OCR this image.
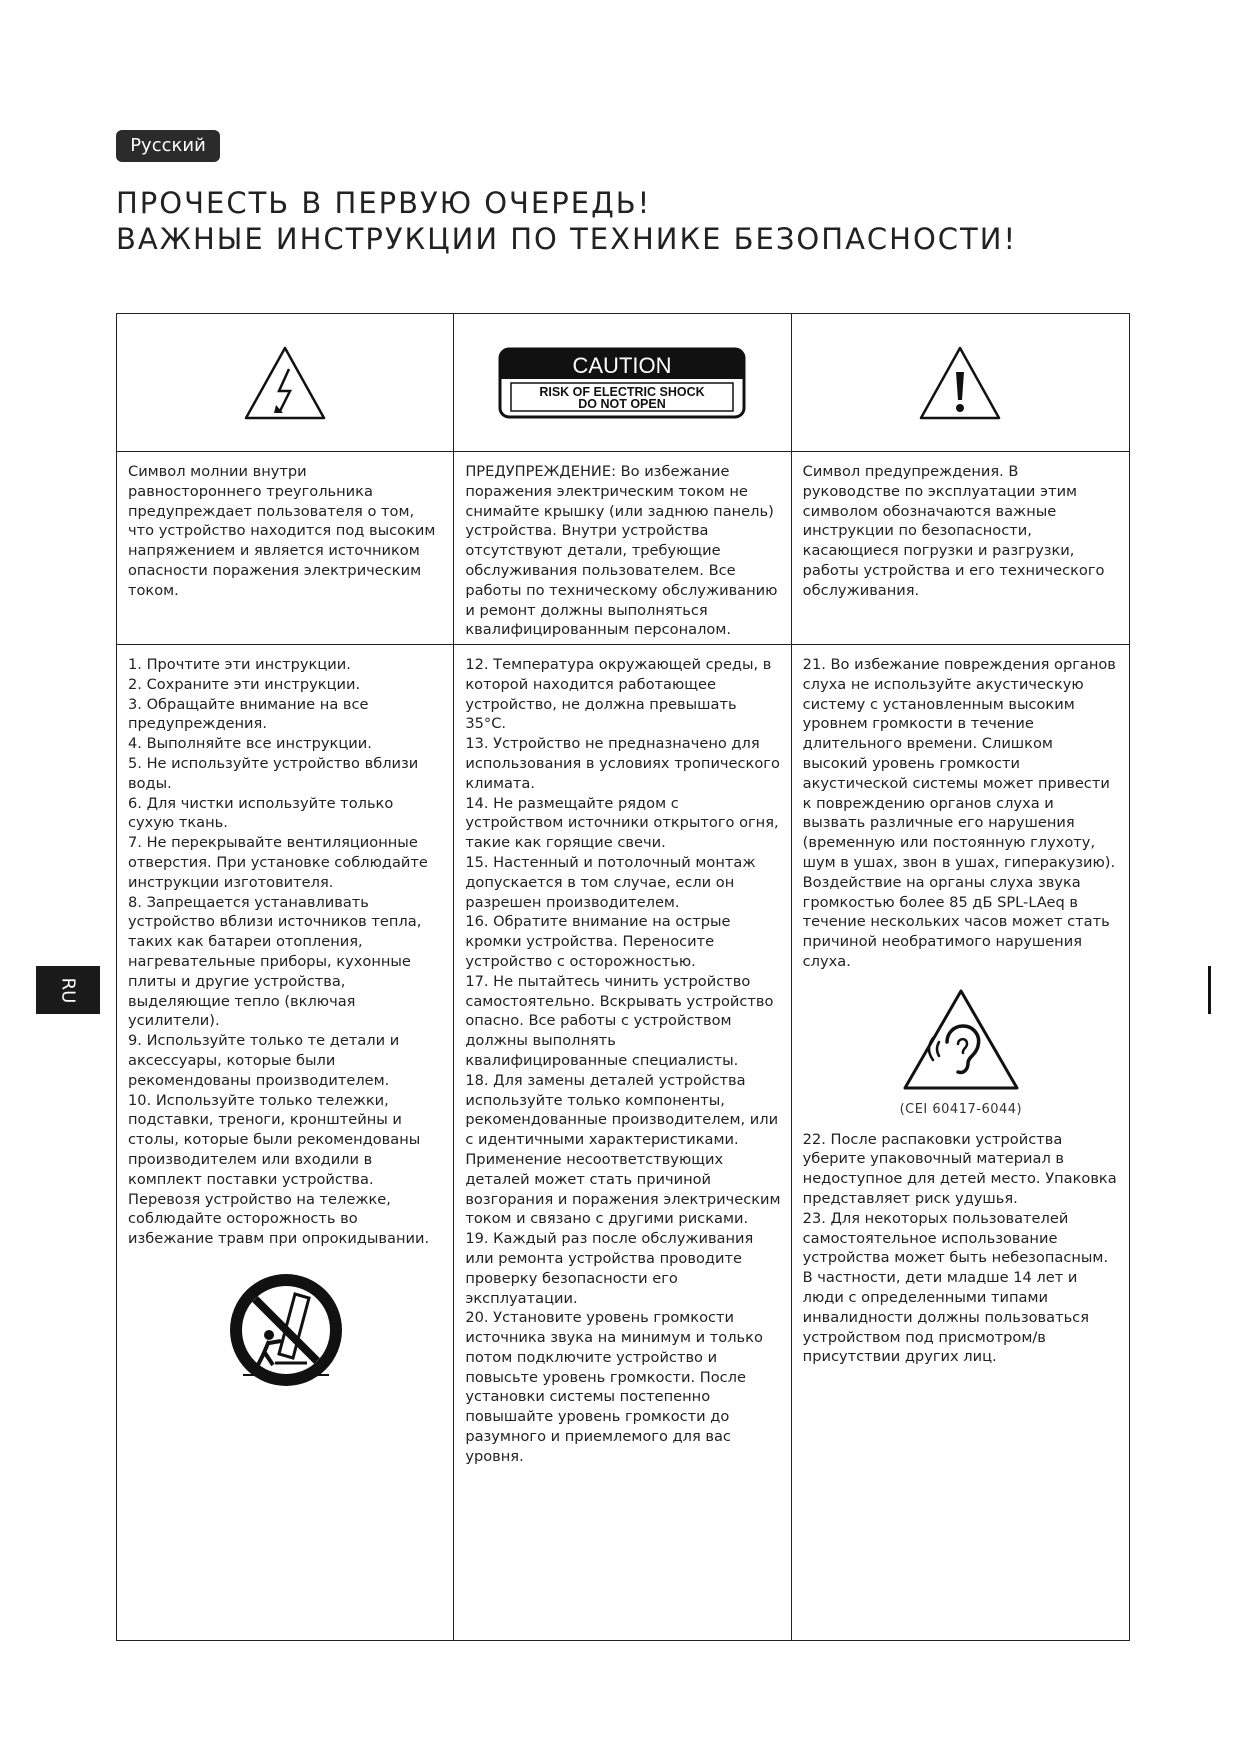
Русский
ПРОЧЕСТЬ В ПЕРВУЮ ОЧЕРЕДЬ!
ВАЖНЫЕ ИНСТРУКЦИИ ПО ТЕХНИКЕ БЕЗОПАСНОСТИ!
RU
CAUTION
RISK OF ELECTRIC SHOCK
DO NOT OPEN

Символ молнии внутри равностороннего треугольника предупреждает пользователя о том, что устройство находится под высоким напряжением и является источником опасности поражения электрическим током.

ПРЕДУПРЕЖДЕНИЕ: Во избежание поражения электрическим током не снимайте крышку (или заднюю панель) устройства. Внутри устройства отсутствуют детали, требующие обслуживания пользователем. Все работы по техническому обслуживанию и ремонт должны выполняться квалифицированным персоналом.

Символ предупреждения. В руководстве по эксплуатации этим символом обозначаются важные инструкции по безопасности, касающиеся погрузки и разгрузки, работы устройства и его технического обслуживания.

1. Прочтите эти инструкции.

2. Сохраните эти инструкции.

3. Обращайте внимание на все предупреждения.

4. Выполняйте все инструкции.

5. Не используйте устройство вблизи воды.

6. Для чистки используйте только сухую ткань.

7. Не перекрывайте вентиляционные отверстия. При установке соблюдайте инструкции изготовителя.

8. Запрещается устанавливать устройство вблизи источников тепла, таких как батареи отопления, нагревательные приборы, кухонные плиты и другие устройства, выделяющие тепло (включая усилители).

9. Используйте только те детали и аксессуары, которые были рекомендованы производителем.

10. Используйте только тележки, подставки, треноги, кронштейны и столы, которые были рекомендованы производителем или входили в комплект поставки устройства. Перевозя устройство на тележке, соблюдайте осторожность во избежание травм при опрокидывании.

12. Температура окружающей среды, в которой находится работающее устройство, не должна превышать 35°C.

13. Устройство не предназначено для использования в условиях тропического климата.

14. Не размещайте рядом с устройством источники открытого огня, такие как горящие свечи.

15. Настенный и потолочный монтаж допускается в том случае, если он разрешен производителем.

16. Обратите внимание на острые кромки устройства. Переносите устройство с осторожностью.

17. Не пытайтесь чинить устройство самостоятельно. Вскрывать устройство опасно. Все работы с устройством должны выполнять квалифицированные специалисты.

18. Для замены деталей устройства используйте только компоненты, рекомендованные производителем, или с идентичными характеристиками. Применение несоответствующих деталей может стать причиной возгорания и поражения электрическим током и связано с другими рисками.

19. Каждый раз после обслуживания или ремонта устройства проводите проверку безопасности его эксплуатации.

20. Установите уровень громкости источника звука на минимум и только потом подключите устройство и повысьте уровень громкости. После установки системы постепенно повышайте уровень громкости до разумного и приемлемого для вас уровня.

21. Во избежание повреждения органов слуха не используйте акустическую систему с установленным высоким уровнем громкости в течение длительного времени. Слишком высокий уровень громкости акустической системы может привести к повреждению органов слуха и вызвать различные его нарушения (временную или постоянную глухоту, шум в ушах, звон в ушах, гиперакузию). Воздействие на органы слуха звука громкостью более 85 дБ SPL-LAeq в течение нескольких часов может стать причиной необратимого нарушения слуха.

(CEI 60417-6044)

22. После распаковки устройства уберите упаковочный материал в недоступное для детей место. Упаковка представляет риск удушья.

23. Для некоторых пользователей самостоятельное использование устройства может быть небезопасным. В частности, дети младше 14 лет и люди с определенными типами инвалидности должны пользоваться устройством под присмотром/в присутствии других лиц.
